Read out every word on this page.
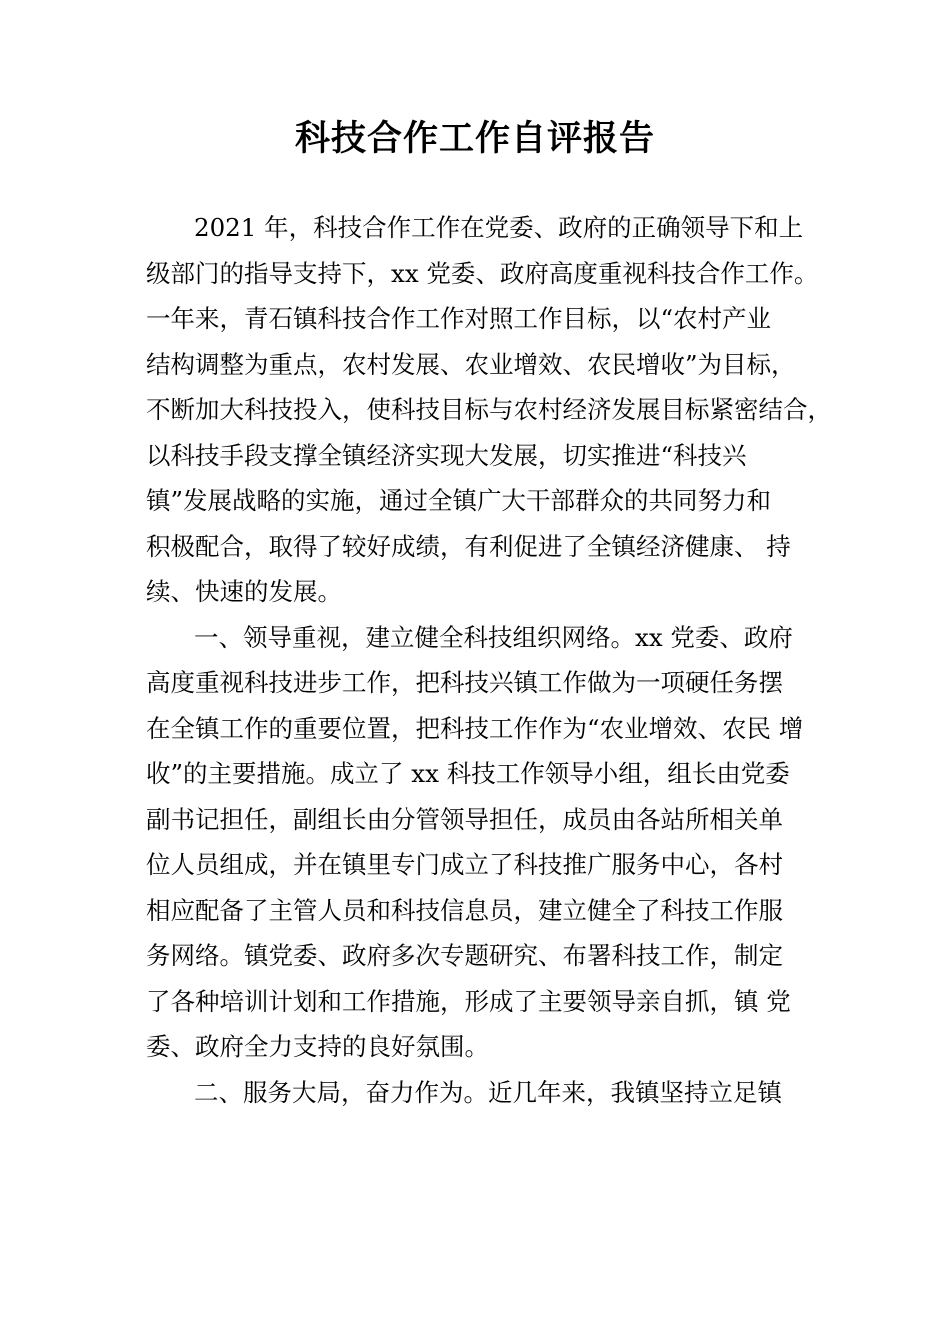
科技合作工作自评报告
2021 年，科技合作工作在党委、政府的正确领导下和上
级部门的指导支持下，xx 党委、政府高度重视科技合作工作。
一年来，青石镇科技合作工作对照工作目标，以“农村产业
结构调整为重点，农村发展、农业增效、农民增收”为目标，
不断加大科技投入，使科技目标与农村经济发展目标紧密结合，
以科技手段支撑全镇经济实现大发展，切实推进“科技兴
镇”发展战略的实施，通过全镇广大干部群众的共同努力和
积极配合，取得了较好成绩，有利促进了全镇经济健康、 持
续、快速的发展。
一、领导重视，建立健全科技组织网络。xx 党委、政府
高度重视科技进步工作，把科技兴镇工作做为一项硬任务摆
在全镇工作的重要位置，把科技工作作为“农业增效、农民 增
收”的主要措施。成立了 xx 科技工作领导小组，组长由党委
副书记担任，副组长由分管领导担任，成员由各站所相关单
位人员组成，并在镇里专门成立了科技推广服务中心，各村
相应配备了主管人员和科技信息员，建立健全了科技工作服
务网络。镇党委、政府多次专题研究、布署科技工作，制定
了各种培训计划和工作措施，形成了主要领导亲自抓，镇 党
委、政府全力支持的良好氛围。
二、服务大局，奋力作为。近几年来，我镇坚持立足镇
